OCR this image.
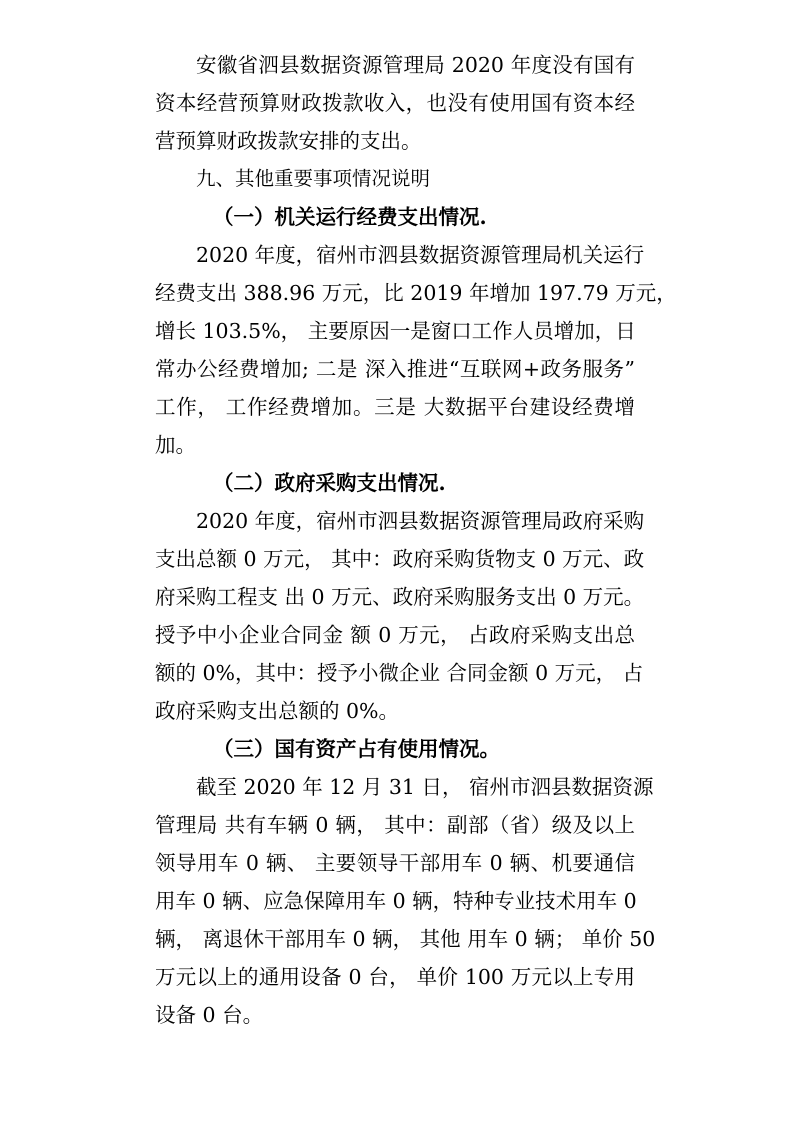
安徽省泗县数据资源管理局 2020 年度没有国有

资本经营预算财政拨款收入，也没有使用国有资本经

营预算财政拨款安排的支出。

九、其他重要事项情况说明

（一）机关运行经费支出情况.

2020 年度，宿州市泗县数据资源管理局机关运行

经费支出 388.96 万元，比 2019 年增加 197.79 万元，

增长 103.5%， 主要原因一是窗口工作人员增加，日

常办公经费增加; 二是 深入推进“互联网+政务服务”

工作， 工作经费增加。三是 大数据平台建设经费增

加。

（二）政府采购支出情况.

2020 年度，宿州市泗县数据资源管理局政府采购

支出总额 0 万元， 其中：政府采购货物支 0 万元、政

府采购工程支 出 0 万元、政府采购服务支出 0 万元。

授予中小企业合同金 额 0 万元， 占政府采购支出总

额的 0%，其中：授予小微企业 合同金额 0 万元， 占

政府采购支出总额的 0%。

（三）国有资产占有使用情况。

截至 2020 年 12 月 31 日， 宿州市泗县数据资源

管理局 共有车辆 0 辆， 其中：副部（省）级及以上

领导用车 0 辆、 主要领导干部用车 0 辆、机要通信

用车 0 辆、应急保障用车 0 辆，特种专业技术用车 0

辆， 离退休干部用车 0 辆， 其他 用车 0 辆； 单价 50

万元以上的通用设备 0 台， 单价 100 万元以上专用

设备 0 台。
